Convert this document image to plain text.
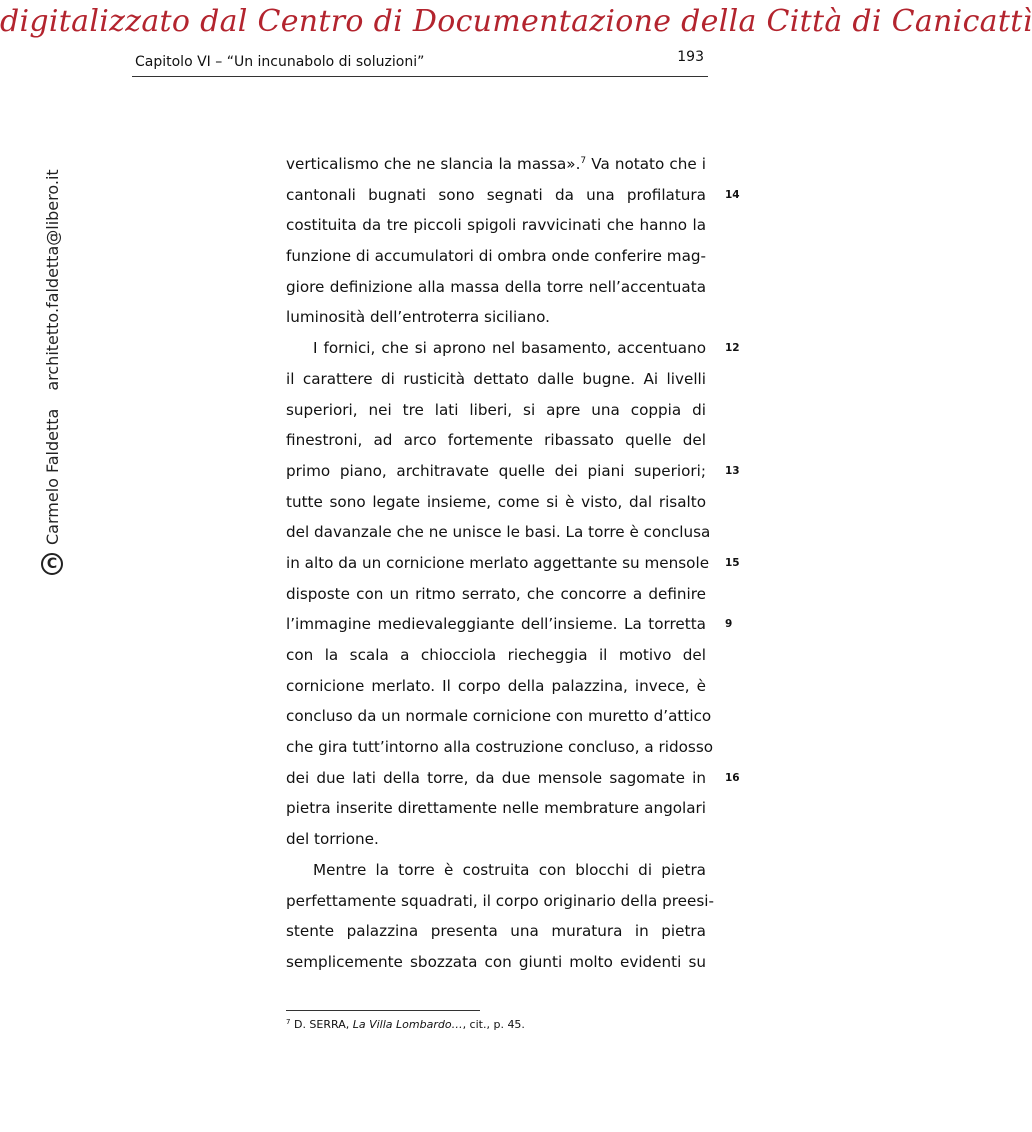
digitalizzato dal Centro di Documentazione della Città di Canicattì
Capitolo VI – “Un incunabolo di soluzioni”	193
C
Carmelo Faldetta
architetto.faldetta@libero.it
verticalismo che ne slancia la massa».$^7$ Va notato che i
cantonali bugnati sono segnati da una profilatura 14
costituita da tre piccoli spigoli ravvicinati che hanno la
funzione di accumulatori di ombra onde conferire mag-
giore definizione alla massa della torre nell’accentuata
luminosità dell’entroterra siciliano.
I fornici, che si aprono nel basamento, accentuano 12
il carattere di rusticità dettato dalle bugne. Ai livelli
superiori, nei tre lati liberi, si apre una coppia di
finestroni, ad arco fortemente ribassato quelle del
primo piano, architravate quelle dei piani superiori; 13
tutte sono legate insieme, come si è visto, dal risalto
del davanzale che ne unisce le basi. La torre è conclusa
in alto da un cornicione merlato aggettante su mensole 15
disposte con un ritmo serrato, che concorre a definire
l’immagine medievaleggiante dell’insieme. La torretta 9
con la scala a chiocciola riecheggia il motivo del
cornicione merlato. Il corpo della palazzina, invece, è
concluso da un normale cornicione con muretto d’attico
che gira tutt’intorno alla costruzione concluso, a ridosso
dei due lati della torre, da due mensole sagomate in 16
pietra inserite direttamente nelle membrature angolari
del torrione.
Mentre la torre è costruita con blocchi di pietra
perfettamente squadrati, il corpo originario della preesi-
stente palazzina presenta una muratura in pietra
semplicemente sbozzata con giunti molto evidenti su
$^7$ D. SERRA, La Villa Lombardo…, cit., p. 45.
